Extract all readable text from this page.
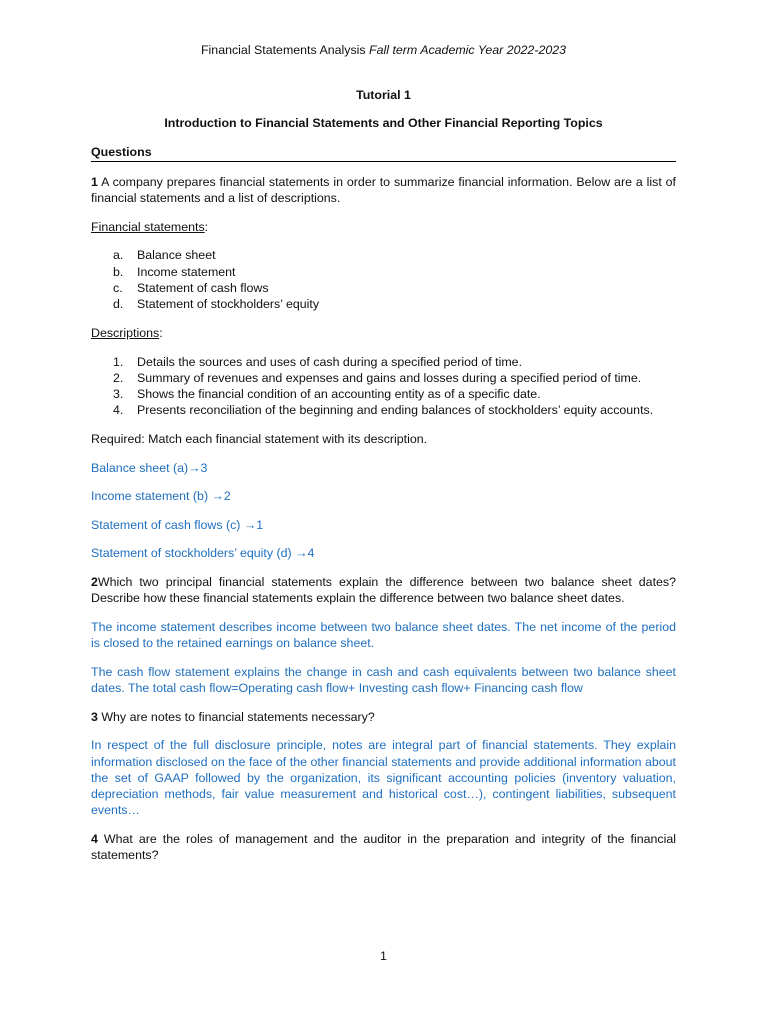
Financial Statements Analysis Fall term Academic Year 2022-2023
Tutorial 1
Introduction to Financial Statements and Other Financial Reporting Topics
Questions

1 A company prepares financial statements in order to summarize financial information. Below are a list of financial statements and a list of descriptions.

Financial statements:

a. Balance sheet
b. Income statement
c. Statement of cash flows
d. Statement of stockholders’ equity

Descriptions:

1. Details the sources and uses of cash during a specified period of time.
2. Summary of revenues and expenses and gains and losses during a specified period of time.
3. Shows the financial condition of an accounting entity as of a specific date.
4. Presents reconciliation of the beginning and ending balances of stockholders’ equity accounts.

Required: Match each financial statement with its description.

Balance sheet (a)→3

Income statement (b) →2

Statement of cash flows (c) →1

Statement of stockholders’ equity (d) →4

2Which two principal financial statements explain the difference between two balance sheet dates? Describe how these financial statements explain the difference between two balance sheet dates.

The income statement describes income between two balance sheet dates. The net income of the period is closed to the retained earnings on balance sheet.

The cash flow statement explains the change in cash and cash equivalents between two balance sheet dates. The total cash flow=Operating cash flow+ Investing cash flow+ Financing cash flow

3 Why are notes to financial statements necessary?

In respect of the full disclosure principle, notes are integral part of financial statements. They explain information disclosed on the face of the other financial statements and provide additional information about the set of GAAP followed by the organization, its significant accounting policies (inventory valuation, depreciation methods, fair value measurement and historical cost…), contingent liabilities, subsequent events…

4 What are the roles of management and the auditor in the preparation and integrity of the financial statements?

1
